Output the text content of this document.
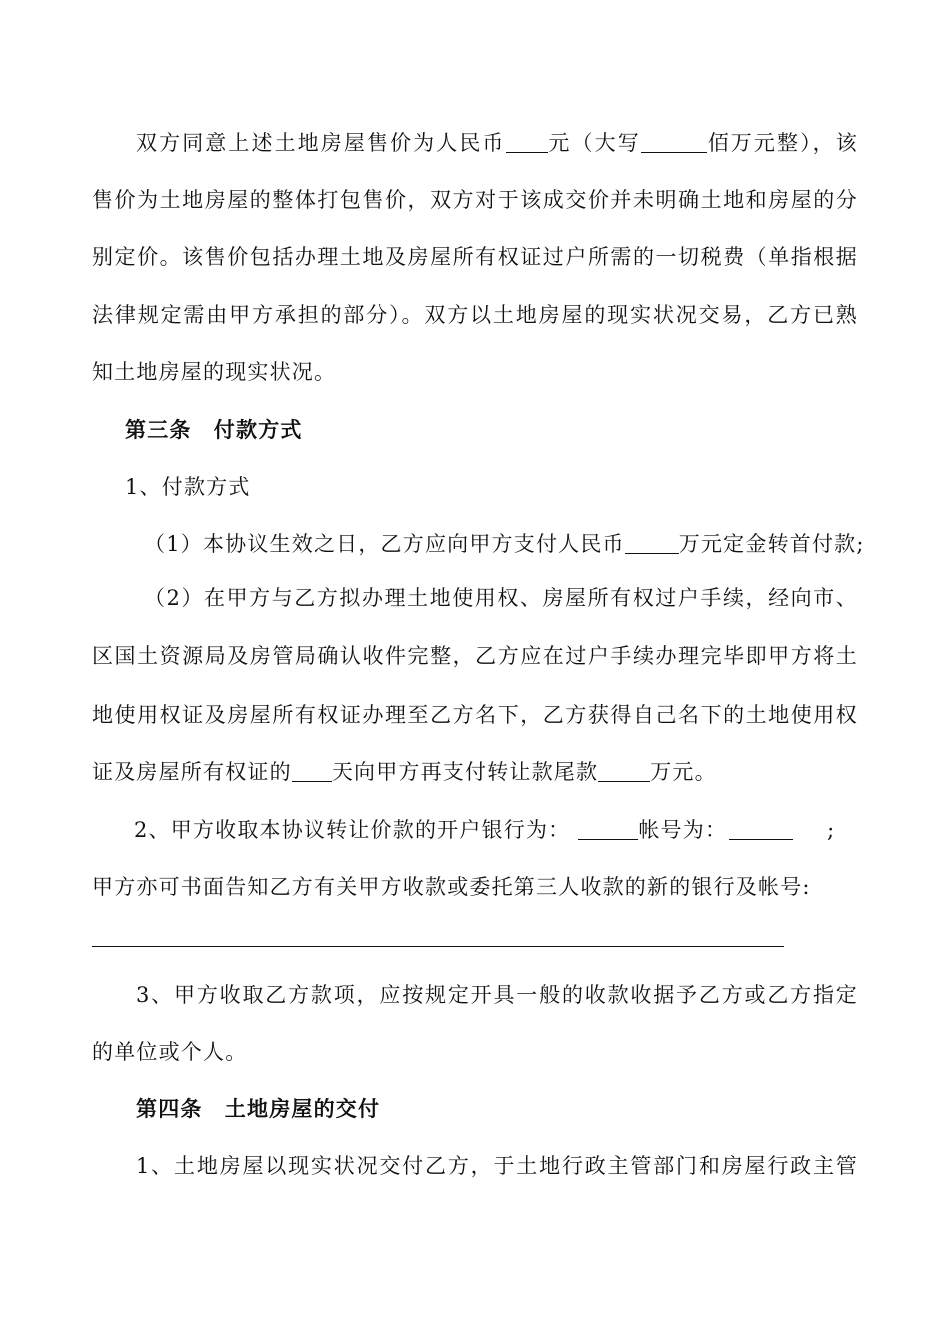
双方同意上述土地房屋售价为人民币 元（大写	佰万元整），该
售价为土地房屋的整体打包售价，双方对于该成交价并未明确土地和房屋的分
别定价。该售价包括办理土地及房屋所有权证过户所需的一切税费（单指根据
法律规定需由甲方承担的部分）。双方以土地房屋的现实状况交易，乙方已熟
知土地房屋的现实状况。
第三条　付款方式
1、付款方式
（1）本协议生效之日，乙方应向甲方支付人民币	万元定金转首付款;
（2）在甲方与乙方拟办理土地使用权、房屋所有权过户手续，经向市、
区国土资源局及房管局确认收件完整，乙方应在过户手续办理完毕即甲方将土
地使用权证及房屋所有权证办理至乙方名下，乙方获得自己名下的土地使用权
证及房屋所有权证的 天向甲方再支付转让款尾款 万元。
2、甲方收取本协议转让价款的开户银行为：	帐号为：	;
甲方亦可书面告知乙方有关甲方收款或委托第三人收款的新的银行及帐号:
3、甲方收取乙方款项，应按规定开具一般的收款收据予乙方或乙方指定
的单位或个人。
第四条　土地房屋的交付
1、土地房屋以现实状况交付乙方，于土地行政主管部门和房屋行政主管
